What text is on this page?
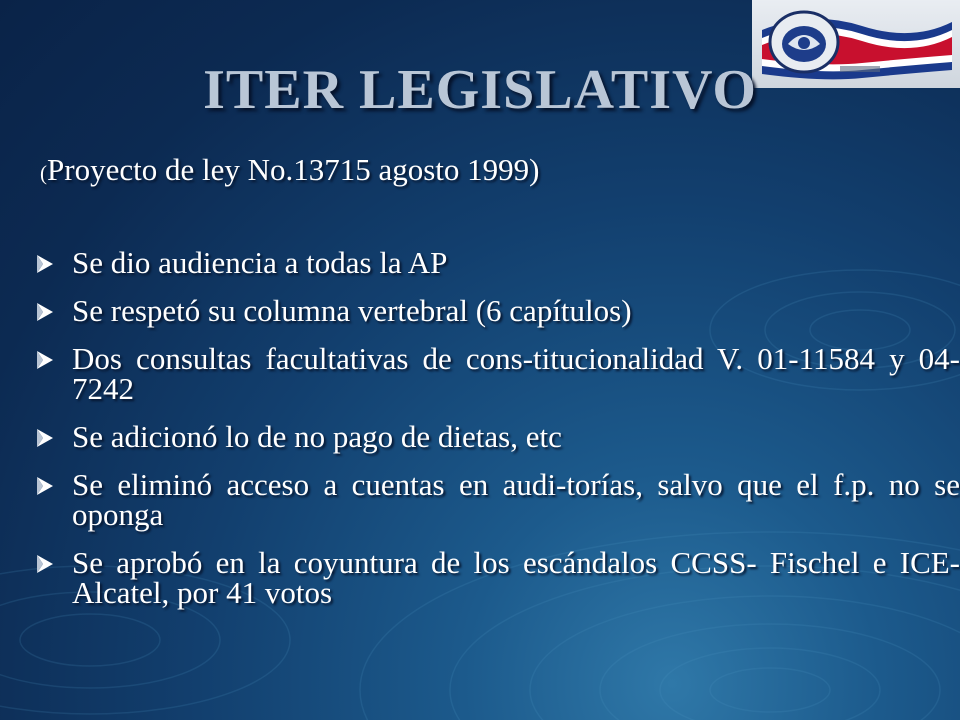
ITER LEGISLATIVO
(Proyecto de ley No.13715 agosto 1999)
Se dio audiencia a todas la AP
Se respetó su columna vertebral (6 capítulos)
Dos consultas facultativas de cons-titucionalidad V. 01-11584 y 04-7242
Se adicionó lo de no pago de dietas, etc
Se eliminó acceso a cuentas en audi-torías, salvo que el f.p. no se oponga
Se aprobó en la coyuntura de los escándalos CCSS- Fischel e ICE- Alcatel, por 41 votos
